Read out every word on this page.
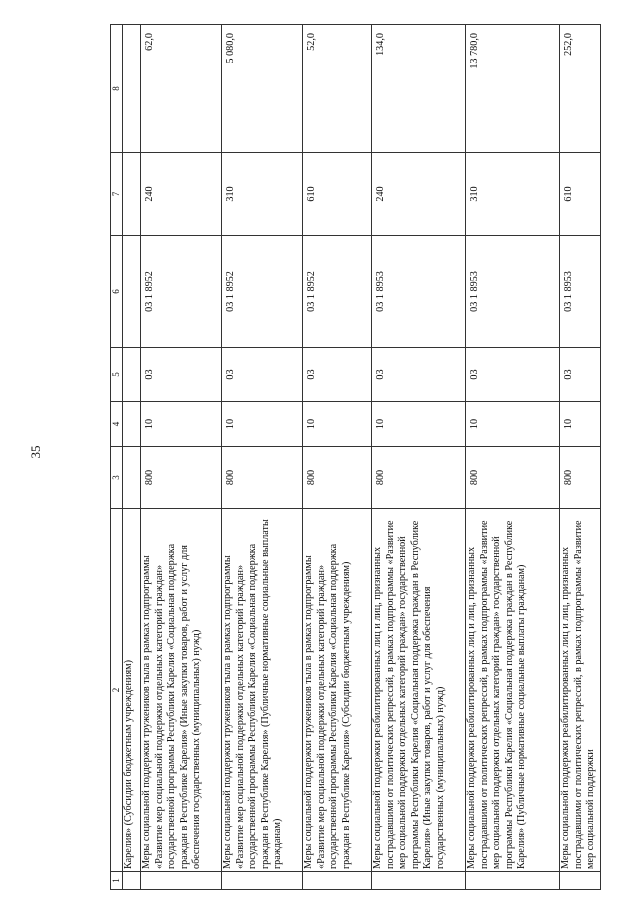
35
1	2	3	4	5	6	7	8
	Карелия» (Субсидии бюджетным учреждениям)						
	Меры социальной поддержки тружеников тыла в рамках подпрограммы «Развитие мер социальной поддержки отдельных категорий граждан» государственной программы Республики Карелия «Социальная поддержка граждан в Республике Карелия» (Иные закупки товаров, работ и услуг для обеспечения государственных (муниципальных) нужд)	800	10	03	03 1 8952	240	62,0
	Меры социальной поддержки тружеников тыла в рамках подпрограммы «Развитие мер социальной поддержки отдельных категорий граждан» государственной программы Республики Карелия «Социальная поддержка граждан в Республике Карелия» (Публичные нормативные социальные выплаты гражданам)	800	10	03	03 1 8952	310	5 080,0
	Меры социальной поддержки тружеников тыла в рамках подпрограммы «Развитие мер социальной поддержки отдельных категорий граждан» государственной программы Республики Карелия «Социальная поддержка граждан в Республике Карелия» (Субсидии бюджетным учреждениям)	800	10	03	03 1 8952	610	52,0
	Меры социальной поддержки реабилитированных лиц и лиц, признанных пострадавшими от политических репрессий, в рамках подпрограммы «Развитие мер социальной поддержки отдельных категорий граждан» государственной программы Республики Карелия «Социальная поддержка граждан в Республике Карелия» (Иные закупки товаров, работ и услуг для обеспечения государственных (муниципальных) нужд)	800	10	03	03 1 8953	240	134,0
	Меры социальной поддержки реабилитированных лиц и лиц, признанных пострадавшими от политических репрессий, в рамках подпрограммы «Развитие мер социальной поддержки отдельных категорий граждан» государственной программы Республики Карелия «Социальная поддержка граждан в Республике Карелия» (Публичные нормативные социальные выплаты гражданам)	800	10	03	03 1 8953	310	13 780,0
	Меры социальной поддержки реабилитированных лиц и лиц, признанных пострадавшими от политических репрессий, в рамках подпрограммы «Развитие мер социальной поддержки	800	10	03	03 1 8953	610	252,0
